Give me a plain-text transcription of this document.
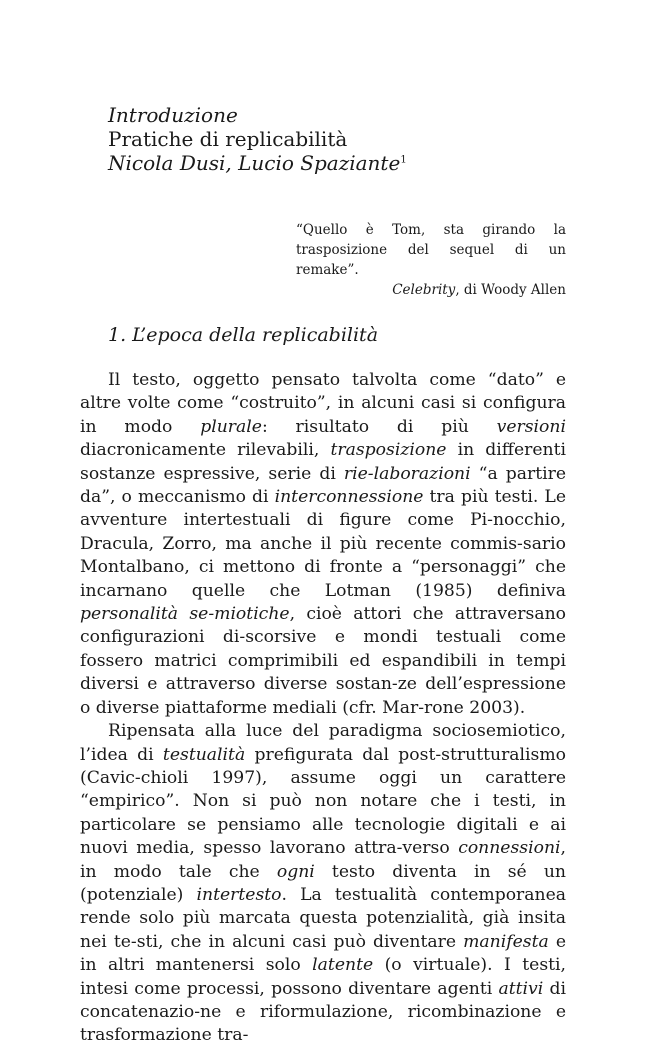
Introduzione
Pratiche di replicabilità
Nicola Dusi, Lucio Spaziante$^1$
“Quello è Tom, sta girando la trasposizione del sequel di un remake”.
Celebrity, di Woody Allen
1. L’epoca della replicabilità

Il testo, oggetto pensato talvolta come “dato” e altre volte come “costruito”, in alcuni casi si configura in modo plurale: risultato di più versioni diacronicamente rilevabili, trasposizione in differenti sostanze espressive, serie di rie-laborazioni “a partire da”, o meccanismo di interconnessione tra più testi. Le avventure intertestuali di figure come Pi-nocchio, Dracula, Zorro, ma anche il più recente commis-sario Montalbano, ci mettono di fronte a “personaggi” che incarnano quelle che Lotman (1985) definiva personalità se-miotiche, cioè attori che attraversano configurazioni di-scorsive e mondi testuali come fossero matrici comprimibili ed espandibili in tempi diversi e attraverso diverse sostan-ze dell’espressione o diverse piattaforme mediali (cfr. Mar-rone 2003).

Ripensata alla luce del paradigma sociosemiotico, l’idea di testualità prefigurata dal post-strutturalismo (Cavic-chioli 1997), assume oggi un carattere “empirico”. Non si può non notare che i testi, in particolare se pensiamo alle tecnologie digitali e ai nuovi media, spesso lavorano attra-verso connessioni, in modo tale che ogni testo diventa in sé un (potenziale) intertesto. La testualità contemporanea rende solo più marcata questa potenzialità, già insita nei te-sti, che in alcuni casi può diventare manifesta e in altri mantenersi solo latente (o virtuale). I testi, intesi come processi, possono diventare agenti attivi di concatenazio-ne e riformulazione, ricombinazione e trasformazione tra-
